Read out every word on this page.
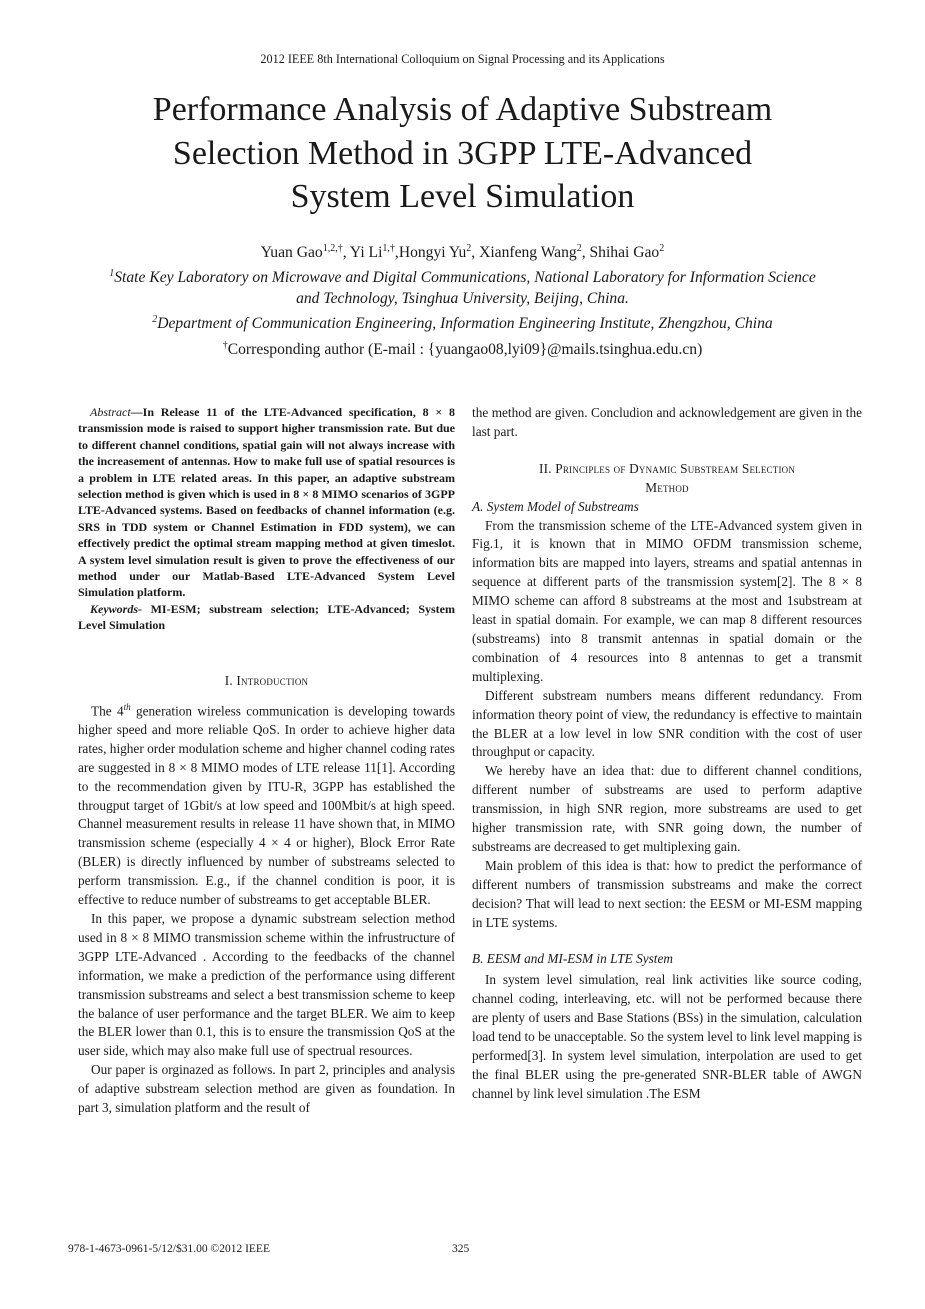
2012 IEEE 8th International Colloquium on Signal Processing and its Applications
Performance Analysis of Adaptive Substream
Selection Method in 3GPP LTE-Advanced
System Level Simulation
Yuan Gao$^{1,2,\dagger}$, Yi $Li^{1,\dagger},Hongyi$ Yu$^2$, Xianfeng Wang$^2$, Shihai Gao$^2$
$^1$State Key Laboratory on Microwave and Digital Communications, National Laboratory for Information Science
and Technology, Tsinghua University, Beijing, China.
$^2$Department of Communication Engineering, Information Engineering Institute, Zhengzhou, China
†Corresponding author (E-mail : {yuangao08,lyi09}@mails.tsinghua.edu.cn)

Abstract—In Release 11 of the LTE-Advanced specification, 8 × 8 transmission mode is raised to support higher transmission rate. But due to different channel conditions, spatial gain will not always increase with the increasement of antennas. How to make full use of spatial resources is a problem in LTE related areas. In this paper, an adaptive substream selection method is given which is used in 8 × 8 MIMO scenarios of 3GPP LTE-Advanced systems. Based on feedbacks of channel information (e.g. SRS in TDD system or Channel Estimation in FDD system), we can effectively predict the optimal stream mapping method at given timeslot. A system level simulation result is given to prove the effectiveness of our method under our Matlab-Based LTE-Advanced System Level Simulation platform.

Keywords- MI-ESM; substream selection; LTE-Advanced; System Level Simulation

I. Introduction

The 4th generation wireless communication is developing towards higher speed and more reliable QoS. In order to achieve higher data rates, higher order modulation scheme and higher channel coding rates are suggested in 8 × 8 MIMO modes of LTE release 11[1]. According to the recommendation given by ITU-R, 3GPP has established the througput target of 1Gbit/s at low speed and 100Mbit/s at high speed. Channel measurement results in release 11 have shown that, in MIMO transmission scheme (especially 4 × 4 or higher), Block Error Rate (BLER) is directly influenced by number of substreams selected to perform transmission. E.g., if the channel condition is poor, it is effective to reduce number of substreams to get acceptable BLER.

In this paper, we propose a dynamic substream selection method used in 8 × 8 MIMO transmission scheme within the infrustructure of 3GPP LTE-Advanced . According to the feedbacks of the channel information, we make a prediction of the performance using different transmission substreams and select a best transmission scheme to keep the balance of user performance and the target BLER. We aim to keep the BLER lower than 0.1, this is to ensure the transmission QoS at the user side, which may also make full use of spectrual resources.

Our paper is orginazed as follows. In part 2, principles and analysis of adaptive substream selection method are given as foundation. In part 3, simulation platform and the result of

the method are given. Concludion and acknowledgement are given in the last part.

II. Principles of Dynamic Substream Selection

Method

A. System Model of Substreams

From the transmission scheme of the LTE-Advanced system given in Fig.1, it is known that in MIMO OFDM transmission scheme, information bits are mapped into layers, streams and spatial antennas in sequence at different parts of the transmission system[2]. The 8 × 8 MIMO scheme can afford 8 substreams at the most and 1substream at least in spatial domain. For example, we can map 8 different resources (substreams) into 8 transmit antennas in spatial domain or the combination of 4 resources into 8 antennas to get a transmit multiplexing.

Different substream numbers means different redundancy. From information theory point of view, the redundancy is effective to maintain the BLER at a low level in low SNR condition with the cost of user throughput or capacity.

We hereby have an idea that: due to different channel conditions, different number of substreams are used to perform adaptive transmission, in high SNR region, more substreams are used to get higher transmission rate, with SNR going down, the number of substreams are decreased to get multiplexing gain.

Main problem of this idea is that: how to predict the performance of different numbers of transmission substreams and make the correct decision? That will lead to next section: the EESM or MI-ESM mapping in LTE systems.

B. EESM and MI-ESM in LTE System

In system level simulation, real link activities like source coding, channel coding, interleaving, etc. will not be performed because there are plenty of users and Base Stations (BSs) in the simulation, calculation load tend to be unacceptable. So the system level to link level mapping is performed[3]. In system level simulation, interpolation are used to get the final BLER using the pre-generated SNR-BLER table of AWGN channel by link level simulation .The ESM

978-1-4673-0961-5/12/$31.00 ©2012 IEEE	325
